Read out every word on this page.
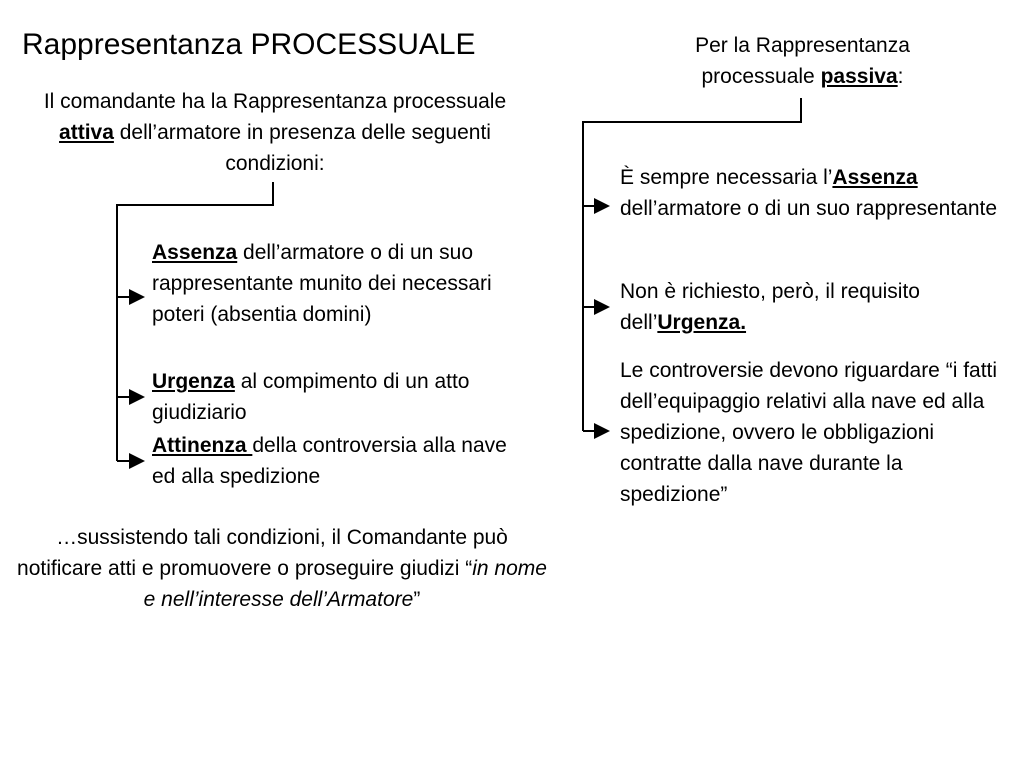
Rappresentanza PROCESSUALE
Il comandante ha la Rappresentanza processuale attiva dell’armatore in presenza delle seguenti condizioni:
Assenza dell’armatore o di un suo rappresentante munito dei necessari poteri (absentia domini)
Urgenza al compimento di un atto giudiziario
Attinenza della controversia alla nave ed alla spedizione
…sussistendo tali condizioni, il Comandante può notificare atti e promuovere o proseguire giudizi “in nome e nell’interesse dell’Armatore”
Per la Rappresentanza processuale passiva:
È sempre necessaria l’Assenza dell’armatore o di un suo rappresentante
Non è richiesto, però, il requisito dell’Urgenza.
Le controversie devono riguardare “i fatti dell’equipaggio relativi alla nave ed alla spedizione, ovvero le obbligazioni contratte dalla nave durante la spedizione”
